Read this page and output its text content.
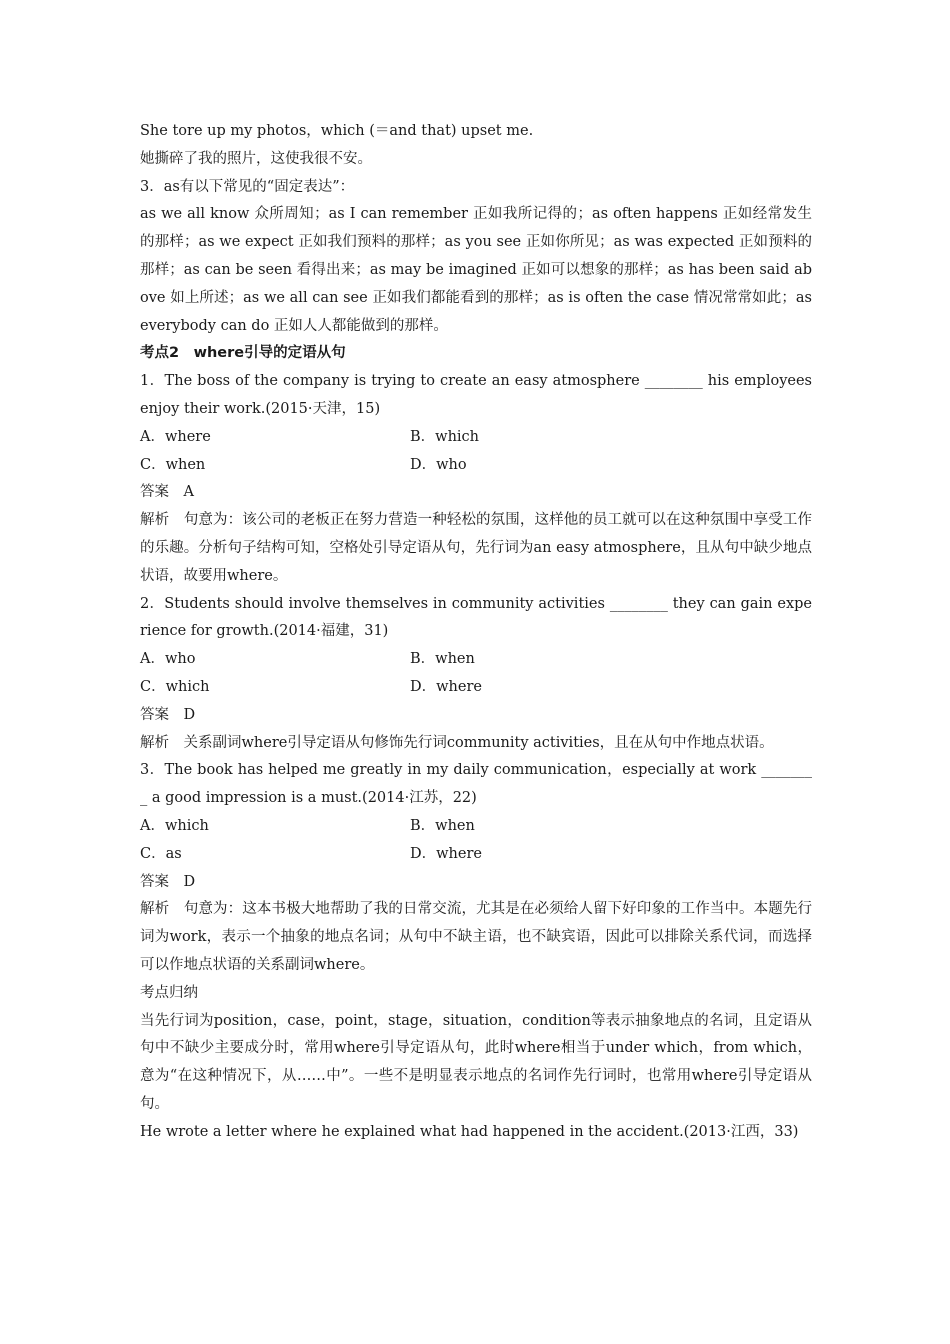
She tore up my photos，which (＝and that) upset me.
她撕碎了我的照片，这使我很不安。
3．as有以下常见的“固定表达”：
as we all know 众所周知；as I can remember 正如我所记得的；as often happens 正如经常发生的那样；as we expect 正如我们预料的那样；as you see 正如你所见；as was expected 正如预料的那样；as can be seen 看得出来；as may be imagined 正如可以想象的那样；as has been said above 如上所述；as we all can see 正如我们都能看到的那样；as is often the case 情况常常如此；as everybody can do 正如人人都能做到的那样。
考点2　where引导的定语从句
1．The boss of the company is trying to create an easy atmosphere ________ his employees enjoy their work.(2015·天津，15)
A．where	B．which
C．when	D．who
答案　A
解析　句意为：该公司的老板正在努力营造一种轻松的氛围，这样他的员工就可以在这种氛围中享受工作的乐趣。分析句子结构可知，空格处引导定语从句，先行词为an easy atmosphere，且从句中缺少地点状语，故要用where。
2．Students should involve themselves in community activities ________ they can gain experience for growth.(2014·福建，31)
A．who	B．when
C．which	D．where
答案　D
解析　关系副词where引导定语从句修饰先行词community activities，且在从句中作地点状语。
3．The book has helped me greatly in my daily communication，especially at work ________ a good impression is a must.(2014·江苏，22)
A．which	B．when
C．as	D．where
答案　D
解析　句意为：这本书极大地帮助了我的日常交流，尤其是在必须给人留下好印象的工作当中。本题先行词为work，表示一个抽象的地点名词；从句中不缺主语，也不缺宾语，因此可以排除关系代词，而选择可以作地点状语的关系副词where。
考点归纳
当先行词为position，case，point，stage，situation，condition等表示抽象地点的名词，且定语从句中不缺少主要成分时，常用where引导定语从句，此时where相当于under which，from which，意为“在这种情况下，从……中”。一些不是明显表示地点的名词作先行词时，也常用where引导定语从句。
He wrote a letter where he explained what had happened in the accident.(2013·江西，33)
